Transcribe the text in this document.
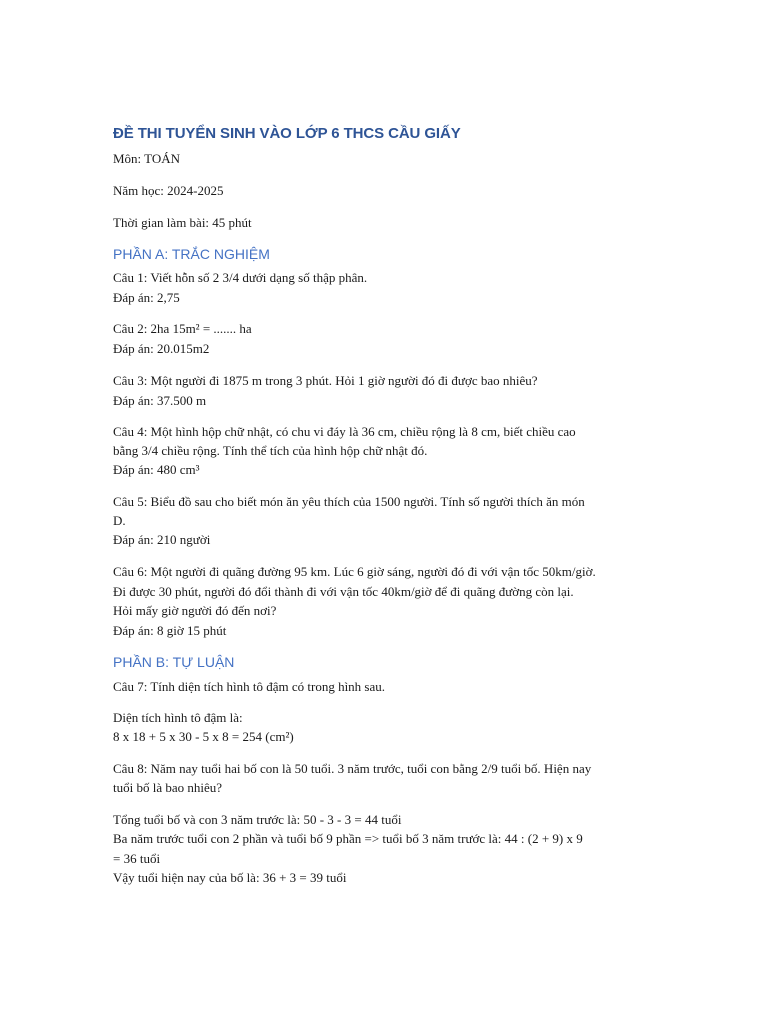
ĐỀ THI TUYỂN SINH VÀO LỚP 6 THCS CẦU GIẤY

Môn: TOÁN

Năm học: 2024-2025

Thời gian làm bài: 45 phút

PHẦN A: TRẮC NGHIỆM

Câu 1: Viết hỗn số 2 3/4 dưới dạng số thập phân.

Đáp án: 2,75

Câu 2: 2ha 15m² = ....... ha

Đáp án: 20.015m2

Câu 3: Một người đi 1875 m trong 3 phút. Hỏi 1 giờ người đó đi được bao nhiêu?

Đáp án: 37.500 m

Câu 4: Một hình hộp chữ nhật, có chu vi đáy là 36 cm, chiều rộng là 8 cm, biết chiều cao

bằng 3/4 chiều rộng. Tính thể tích của hình hộp chữ nhật đó.

Đáp án: 480 cm³

Câu 5: Biểu đồ sau cho biết món ăn yêu thích của 1500 người. Tính số người thích ăn món

D.

Đáp án: 210 người

Câu 6: Một người đi quãng đường 95 km. Lúc 6 giờ sáng, người đó đi với vận tốc 50km/giờ.

Đi được 30 phút, người đó đổi thành đi với vận tốc 40km/giờ để đi quãng đường còn lại.

Hỏi mấy giờ người đó đến nơi?

Đáp án: 8 giờ 15 phút

PHẦN B: TỰ LUẬN

Câu 7: Tính diện tích hình tô đậm có trong hình sau.

Diện tích hình tô đậm là:

8 x 18 + 5 x 30 - 5 x 8 = 254 (cm²)

Câu 8: Năm nay tuổi hai bố con là 50 tuổi. 3 năm trước, tuổi con bằng 2/9 tuổi bố. Hiện nay

tuổi bố là bao nhiêu?

Tổng tuổi bố và con 3 năm trước là: 50 - 3 - 3 = 44 tuổi

Ba năm trước tuổi con 2 phần và tuổi bố 9 phần => tuổi bố 3 năm trước là: 44 : (2 + 9) x 9

= 36 tuổi

Vậy tuổi hiện nay của bố là: 36 + 3 = 39 tuổi
